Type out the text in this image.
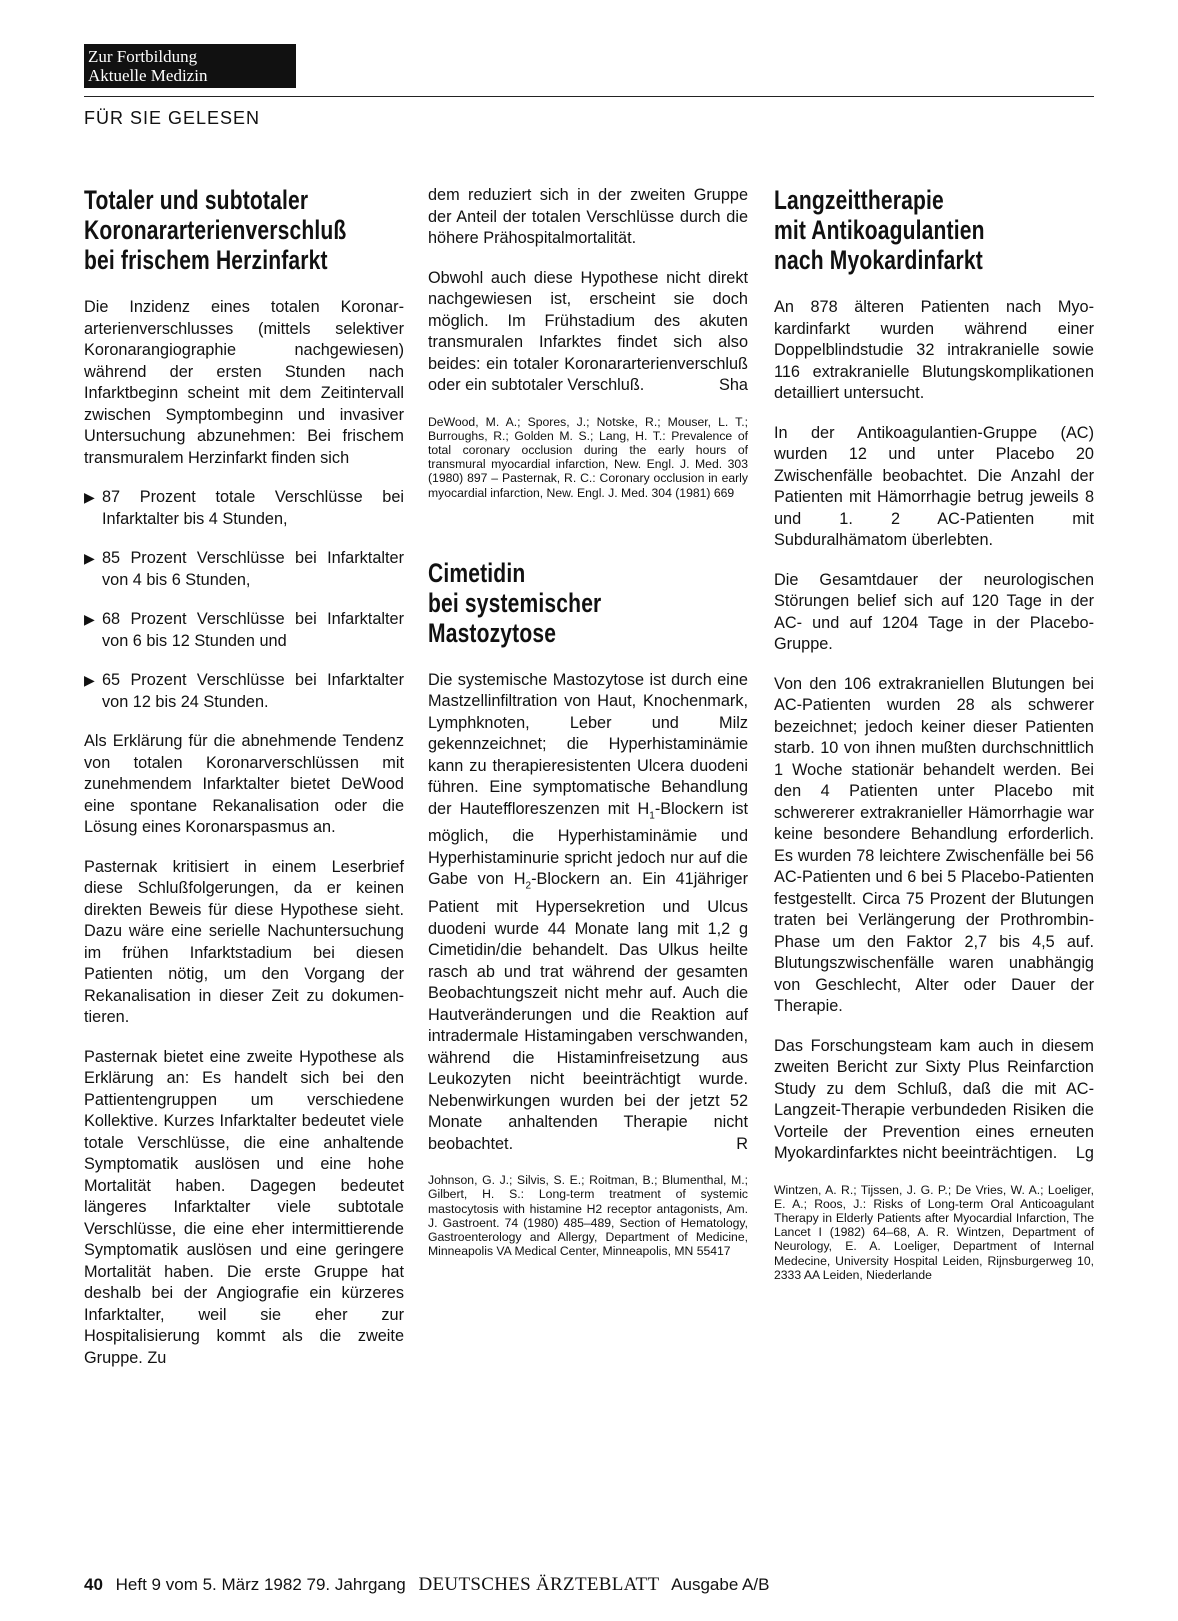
Zur Fortbildung
Aktuelle Medizin
FÜR SIE GELESEN
Totaler und subtotaler
Koronararterienverschluß
bei frischem Herzinfarkt

Die Inzidenz eines totalen Koronararterienverschlusses (mittels selektiver Koronarangiographie nachgewiesen) während der ersten Stunden nach Infarktbeginn scheint mit dem Zeitintervall zwischen Symptombeginn und invasiver Untersuchung abzunehmen: Bei frischem transmuralem Herzinfarkt finden sich

▶ 87 Prozent totale Verschlüsse bei Infarktalter bis 4 Stunden,
▶ 85 Prozent Verschlüsse bei Infarktalter von 4 bis 6 Stunden,
▶ 68 Prozent Verschlüsse bei Infarktalter von 6 bis 12 Stunden und
▶ 65 Prozent Verschlüsse bei Infarktalter von 12 bis 24 Stunden.

Als Erklärung für die abnehmende Tendenz von totalen Koronarverschlüssen mit zunehmendem Infarktalter bietet DeWood eine spontane Rekanalisation oder die Lösung eines Koronarspasmus an.

Pasternak kritisiert in einem Leserbrief diese Schlußfolgerungen, da er keinen direkten Beweis für diese Hypothese sieht. Dazu wäre eine serielle Nachuntersuchung im frühen Infarktstadium bei diesen Patienten nötig, um den Vorgang der Rekanalisation in dieser Zeit zu dokumentieren.

Pasternak bietet eine zweite Hypothese als Erklärung an: Es handelt sich bei den Pattientengruppen um verschiedene Kollektive. Kurzes Infarktalter bedeutet viele totale Verschlüsse, die eine anhaltende Symptomatik auslösen und eine hohe Mortalität haben. Dagegen bedeutet längeres Infarktalter viele subtotale Verschlüsse, die eine eher intermittierende Symptomatik auslösen und eine geringere Mortalität haben. Die erste Gruppe hat deshalb bei der Angiografie ein kürzeres Infarktalter, weil sie eher zur Hospitalisierung kommt als die zweite Gruppe. Zu

dem reduziert sich in der zweiten Gruppe der Anteil der totalen Verschlüsse durch die höhere Prähospitalmortalität.

Obwohl auch diese Hypothese nicht direkt nachgewiesen ist, erscheint sie doch möglich. Im Frühstadium des akuten transmuralen Infarktes findet sich also beides: ein totaler Koronararterienverschluß oder ein subtotaler Verschluß.	Sha

DeWood, M. A.; Spores, J.; Notske, R.; Mouser, L. T.; Burroughs, R.; Golden M. S.; Lang, H. T.: Prevalence of total coronary occlusion during the early hours of transmural myocardial infarction, New. Engl. J. Med. 303 (1980) 897 – Pasternak, R. C.: Coronary occlusion in early myocardial infarction, New. Engl. J. Med. 304 (1981) 669
Cimetidin
bei systemischer
Mastozytose

Die systemische Mastozytose ist durch eine Mastzellinfiltration von Haut, Knochenmark, Lymphknoten, Leber und Milz gekennzeichnet; die Hyperhistaminämie kann zu therapieresistenten Ulcera duodeni führen. Eine symptomatische Behandlung der Hauteffloreszenzen mit $H_1$-Blockern ist möglich, die Hyperhistaminämie und Hyperhistaminurie spricht jedoch nur auf die Gabe von $H_2$-Blockern an. Ein 41jähriger Patient mit Hypersekretion und Ulcus duodeni wurde 44 Monate lang mit 1,2 g Cimetidin/die behandelt. Das Ulkus heilte rasch ab und trat während der gesamten Beobachtungszeit nicht mehr auf. Auch die Hautveränderungen und die Reaktion auf intradermale Histamingaben verschwanden, während die Histaminfreisetzung aus Leukozyten nicht beeinträchtigt wurde. Nebenwirkungen wurden bei der jetzt 52 Monate anhaltenden Therapie nicht beobachtet.	R

Johnson, G. J.; Silvis, S. E.; Roitman, B.; Blumenthal, M.; Gilbert, H. S.: Long-term treatment of systemic mastocytosis with histamine H2 receptor antagonists, Am. J. Gastroent. 74 (1980) 485–489, Section of Hematology, Gastroenterology and Allergy, Department of Medicine, Minneapolis VA Medical Center, Minneapolis, MN 55417
Langzeittherapie
mit Antikoagulantien
nach Myokardinfarkt

An 878 älteren Patienten nach Myokardinfarkt wurden während einer Doppelblindstudie 32 intrakranielle sowie 116 extrakranielle Blutungskomplikationen detailliert untersucht.

In der Antikoagulantien-Gruppe (AC) wurden 12 und unter Placebo 20 Zwischenfälle beobachtet. Die Anzahl der Patienten mit Hämorrhagie betrug jeweils 8 und 1. 2 AC-Patienten mit Subduralhämatom überlebten.

Die Gesamtdauer der neurologischen Störungen belief sich auf 120 Tage in der AC- und auf 1204 Tage in der Placebo-Gruppe.

Von den 106 extrakraniellen Blutungen bei AC-Patienten wurden 28 als schwerer bezeichnet; jedoch keiner dieser Patienten starb. 10 von ihnen mußten durchschnittlich 1 Woche stationär behandelt werden. Bei den 4 Patienten unter Placebo mit schwererer extrakranieller Hämorrhagie war keine besondere Behandlung erforderlich. Es wurden 78 leichtere Zwischenfälle bei 56 AC-Patienten und 6 bei 5 Placebo-Patienten festgestellt. Circa 75 Prozent der Blutungen traten bei Verlängerung der Prothrombin-Phase um den Faktor 2,7 bis 4,5 auf. Blutungszwischenfälle waren unabhängig von Geschlecht, Alter oder Dauer der Therapie.

Das Forschungsteam kam auch in diesem zweiten Bericht zur Sixty Plus Reinfarction Study zu dem Schluß, daß die mit AC-Langzeit-Therapie verbundeden Risiken die Vorteile der Prevention eines erneuten Myokardinfarktes nicht beeinträchtigen. Lg

Wintzen, A. R.; Tijssen, J. G. P.; De Vries, W. A.; Loeliger, E. A.; Roos, J.: Risks of Long-term Oral Anticoagulant Therapy in Elderly Patients after Myocardial Infarction, The Lancet I (1982) 64–68, A. R. Wintzen, Department of Neurology, E. A. Loeliger, Department of Internal Medecine, University Hospital Leiden, Rijnsburgerweg 10, 2333 AA Leiden, Niederlande
40 Heft 9 vom 5. März 1982 79. Jahrgang DEUTSCHES ÄRZTEBLATT Ausgabe A/B
